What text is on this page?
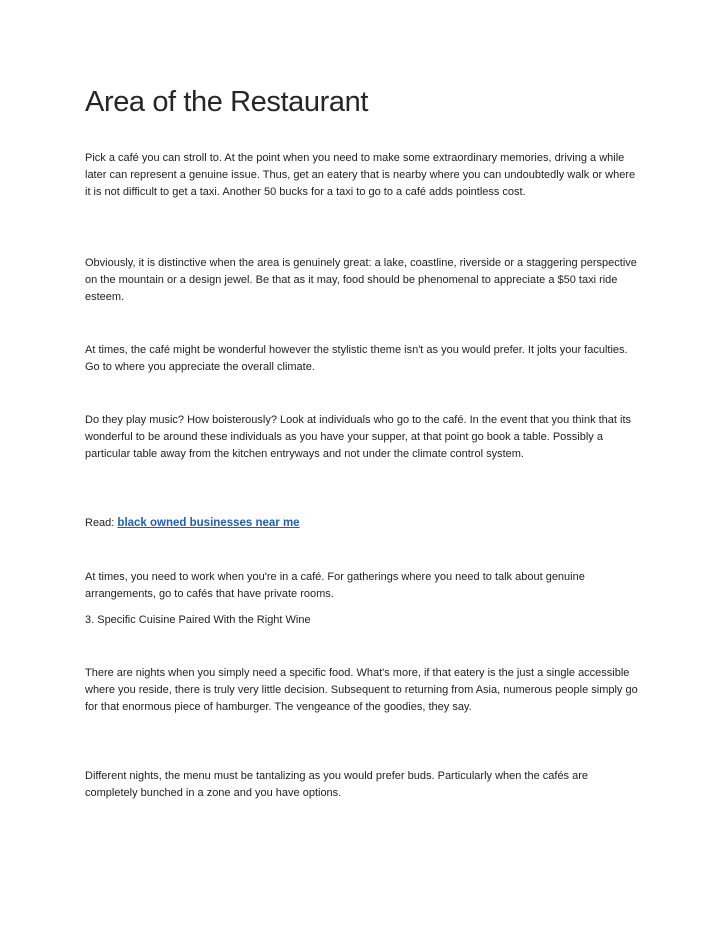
Area of the Restaurant

Pick a café you can stroll to. At the point when you need to make some extraordinary memories, driving a while later can represent a genuine issue. Thus, get an eatery that is nearby where you can undoubtedly walk or where it is not difficult to get a taxi. Another 50 bucks for a taxi to go to a café adds pointless cost.

Obviously, it is distinctive when the area is genuinely great: a lake, coastline, riverside or a staggering perspective on the mountain or a design jewel. Be that as it may, food should be phenomenal to appreciate a $50 taxi ride esteem.

At times, the café might be wonderful however the stylistic theme isn't as you would prefer. It jolts your faculties. Go to where you appreciate the overall climate.

Do they play music? How boisterously? Look at individuals who go to the café. In the event that you think that its wonderful to be around these individuals as you have your supper, at that point go book a table. Possibly a particular table away from the kitchen entryways and not under the climate control system.

Read: black owned businesses near me

At times, you need to work when you're in a café. For gatherings where you need to talk about genuine arrangements, go to cafés that have private rooms.

3. Specific Cuisine Paired With the Right Wine

There are nights when you simply need a specific food. What's more, if that eatery is the just a single accessible where you reside, there is truly very little decision. Subsequent to returning from Asia, numerous people simply go for that enormous piece of hamburger. The vengeance of the goodies, they say.

Different nights, the menu must be tantalizing as you would prefer buds. Particularly when the cafés are completely bunched in a zone and you have options.
